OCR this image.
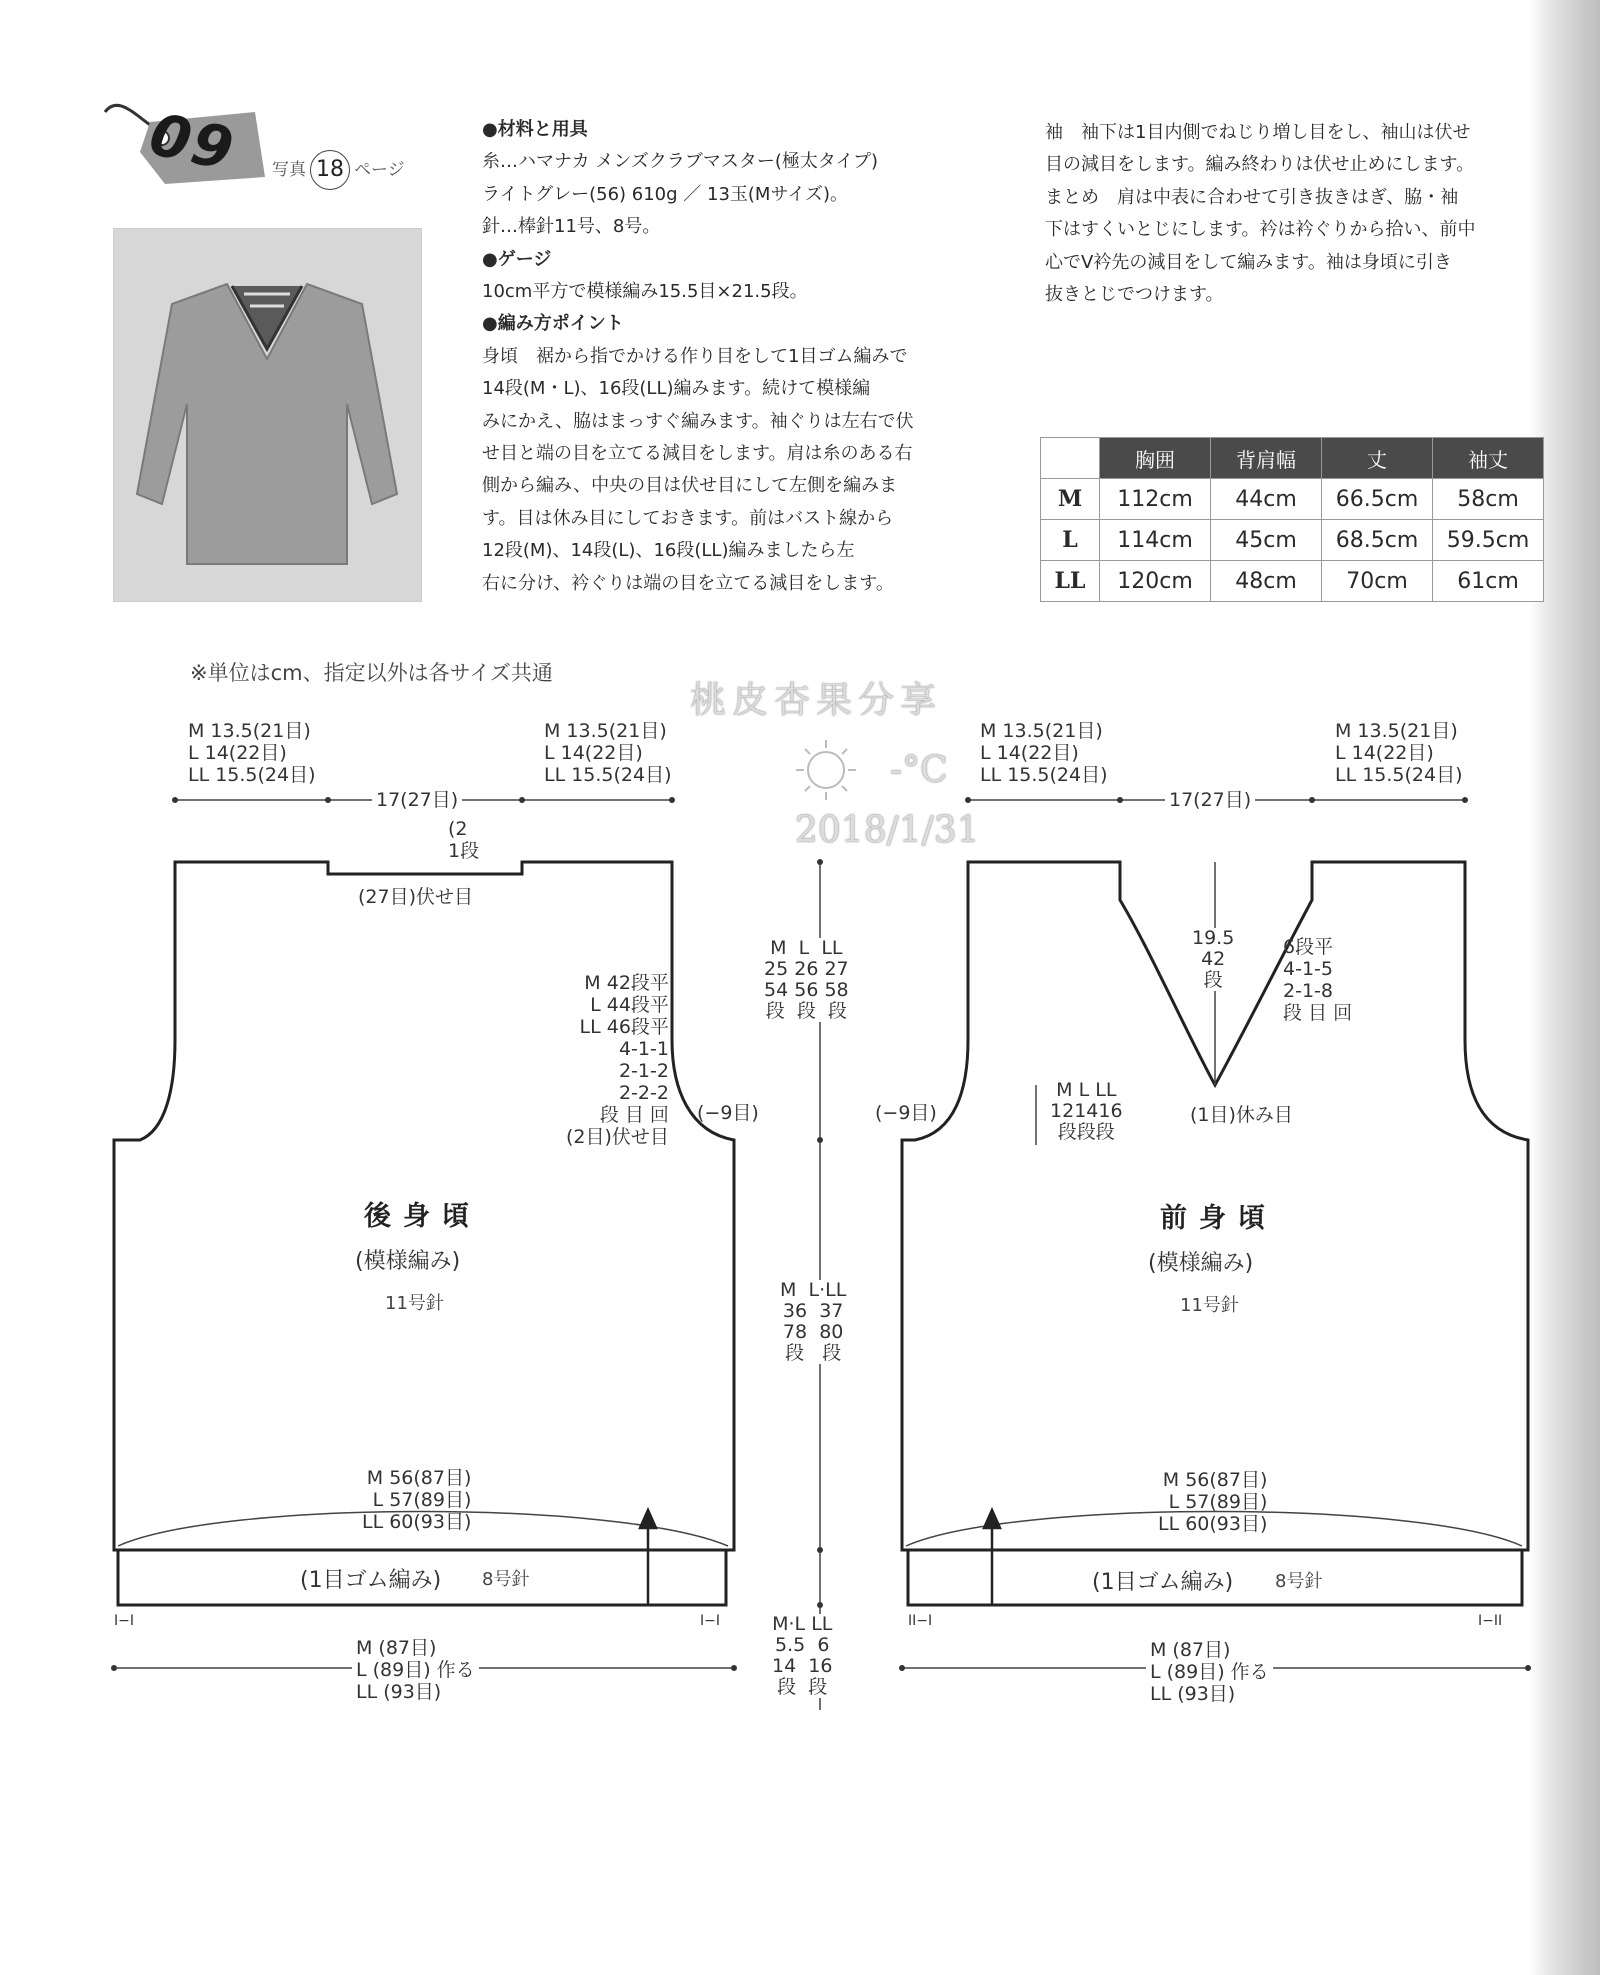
09 写真 18 ページ

●材料と用具

糸…ハマナカ メンズクラブマスター(極太タイプ)

ライトグレー(56) 610g ／ 13玉(Mサイズ)。

針…棒針11号、8号。

●ゲージ

10cm平方で模様編み15.5目×21.5段。

●編み方ポイント

身頃　裾から指でかける作り目をして1目ゴム編みで

14段(M・L)、16段(LL)編みます。続けて模様編

みにかえ、脇はまっすぐ編みます。袖ぐりは左右で伏

せ目と端の目を立てる減目をします。肩は糸のある右

側から編み、中央の目は伏せ目にして左側を編みま

す。目は休み目にしておきます。前はバスト線から

12段(M)、14段(L)、16段(LL)編みましたら左

右に分け、衿ぐりは端の目を立てる減目をします。

袖　袖下は1目内側でねじり増し目をし、袖山は伏せ

目の減目をします。編み終わりは伏せ止めにします。

まとめ　肩は中表に合わせて引き抜きはぎ、脇・袖

下はすくいとじにします。衿は衿ぐりから拾い、前中

心でV衿先の減目をして編みます。袖は身頃に引き

抜きとじでつけます。

	胸囲	背肩幅	丈	袖丈
M	112cm	44cm	66.5cm	58cm
L	114cm	45cm	68.5cm	59.5cm
LL	120cm	48cm	70cm	61cm
※単位はcm、指定以外は各サイズ共通
桃皮杏果分享
-°C
2018/1/31
M 13.5(21目)
L 14(22目)
LL 15.5(24目)
M 13.5(21目)
L 14(22目)
LL 15.5(24目)
17(27目)
(2
1段
(27目)伏せ目
M 42段平
L 44段平
LL 46段平
4-1-1
2-1-2
2-2-2
段 目 回
(2目)伏せ目
(−9目)
後身頃
(模様編み)
11号針
M 56(87目)
L 57(89目)
LL 60(93目)
(1目ゴム編み) 8号針
I−I	I−I
M (87目)
L (89目) 作る
LL (93目)
M L LL
25 26 27
54 56 58
段 段 段
M L·LL
36 37
78 80
段 段
M·L LL
5.5 6
14 16
段 段
M 13.5(21目)
L 14(22目)
LL 15.5(24目)
M 13.5(21目)
L 14(22目)
LL 15.5(24目)
17(27目)
19.5
42
段
6段平
4-1-5
2-1-8
段 目 回
M L LL
121416
段段段
(1目)休み目
(−9目)
前身頃
(模様編み)
11号針
M 56(87目)
L 57(89目)
LL 60(93目)
(1目ゴム編み) 8号針
II−I	I−II
M (87目)
L (89目) 作る
LL (93目)
